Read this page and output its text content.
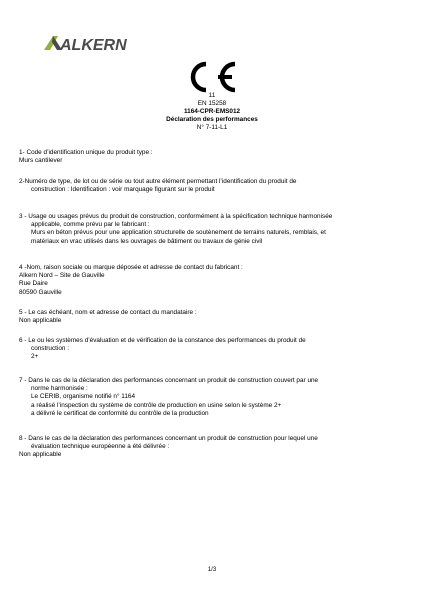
ALKERN
11
EN 15258
1164-CPR-EMS012
Déclaration des performances
N° 7-11-L1
1- Code d’identification unique du produit type :
Murs cantilever
2-Numéro de type, de lot ou de série ou tout autre élément permettant l’identification du produit de
construction : Identification : voir marquage figurant sur le produit
3 - Usage ou usages prévus du produit de construction, conformément à la spécification technique harmonisée
applicable, comme prévu par le fabricant :
Murs en béton prévus pour une application structurelle de soutènement de terrains naturels, remblais, et
matériaux en vrac utilisés dans les ouvrages de bâtiment ou travaux de génie civil
4 -Nom, raison sociale ou marque déposée et adresse de contact du fabricant :
Alkern Nord – Site de Gauville
Rue Daire
80590 Gauville
5 - Le cas échéant, nom et adresse de contact du mandataire :
Non applicable
6 - Le ou les systèmes d’évaluation et de vérification de la constance des performances du produit de
construction :
2+
7 - Dans le cas de la déclaration des performances concernant un produit de construction couvert par une
norme harmonisée :
Le CERIB, organisme notifié n° 1164
a réalisé l’inspection du système de contrôle de production en usine selon le système 2+
a délivré le certificat de conformité du contrôle de la production
8 - Dans le cas de la déclaration des performances concernant un produit de construction pour lequel une
évaluation technique européenne a été délivrée :
Non applicable
1/3
